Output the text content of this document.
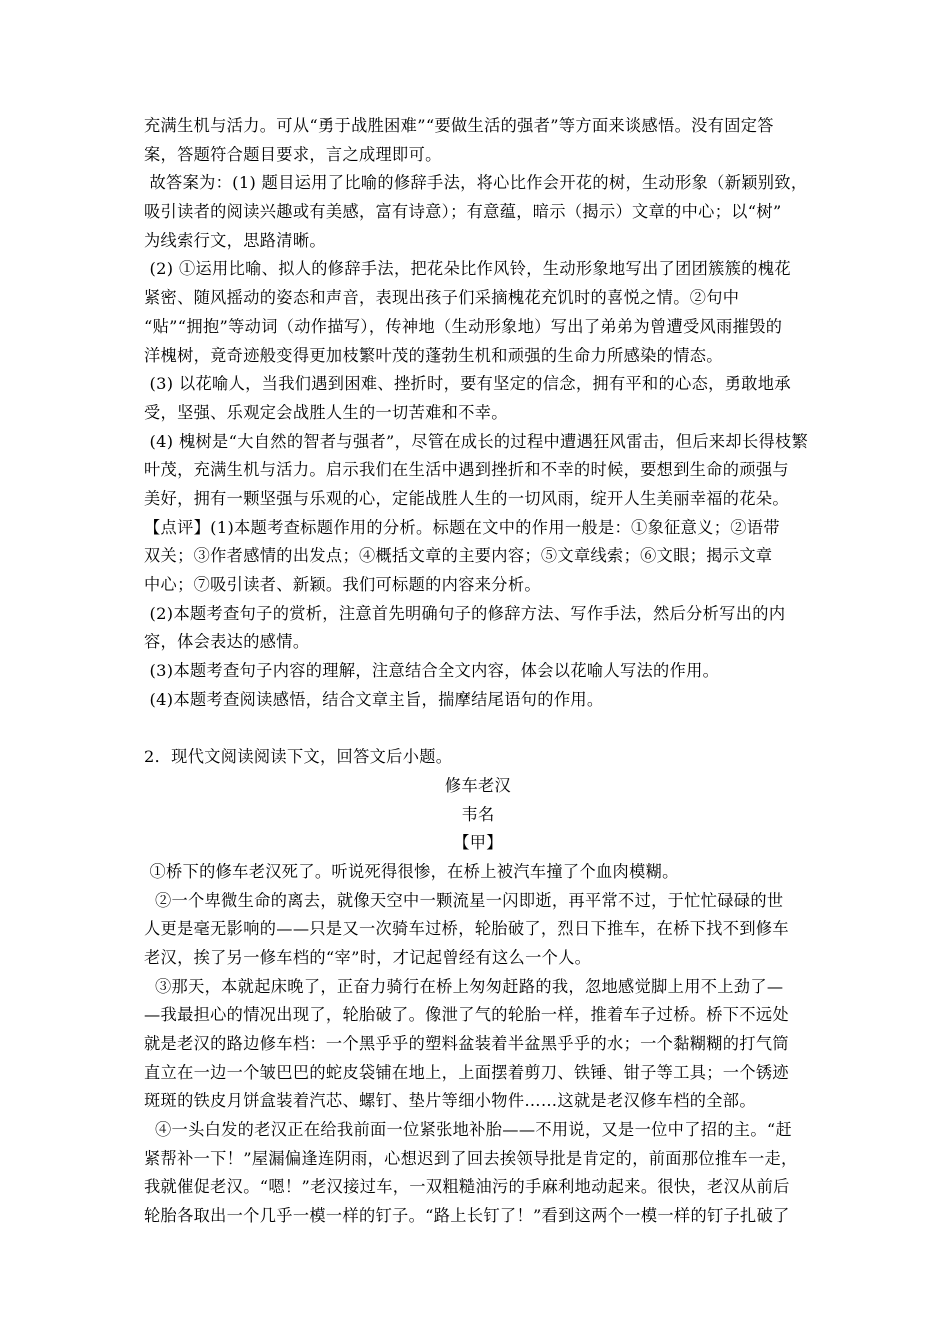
充满生机与活力。可从“勇于战胜困难”“要做生活的强者”等方面来谈感悟。没有固定答
案，答题符合题目要求，言之成理即可。
故答案为：(1) 题目运用了比喻的修辞手法，将心比作会开花的树，生动形象（新颖别致，
吸引读者的阅读兴趣或有美感，富有诗意）；有意蕴，暗示（揭示）文章的中心；以“树”
为线索行文，思路清晰。
(2) ①运用比喻、拟人的修辞手法，把花朵比作风铃，生动形象地写出了团团簇簇的槐花
紧密、随风摇动的姿态和声音，表现出孩子们采摘槐花充饥时的喜悦之情。②句中
“贴”“拥抱”等动词（动作描写），传神地（生动形象地）写出了弟弟为曾遭受风雨摧毁的
洋槐树，竟奇迹般变得更加枝繁叶茂的蓬勃生机和顽强的生命力所感染的情态。
(3) 以花喻人，当我们遇到困难、挫折时，要有坚定的信念，拥有平和的心态，勇敢地承
受，坚强、乐观定会战胜人生的一切苦难和不幸。
(4) 槐树是“大自然的智者与强者”，尽管在成长的过程中遭遇狂风雷击，但后来却长得枝繁
叶茂，充满生机与活力。启示我们在生活中遇到挫折和不幸的时候，要想到生命的顽强与
美好，拥有一颗坚强与乐观的心，定能战胜人生的一切风雨，绽开人生美丽幸福的花朵。
【点评】(1)本题考查标题作用的分析。标题在文中的作用一般是：①象征意义；②语带
双关；③作者感情的出发点；④概括文章的主要内容；⑤文章线索；⑥文眼；揭示文章
中心；⑦吸引读者、新颖。我们可标题的内容来分析。
(2)本题考查句子的赏析，注意首先明确句子的修辞方法、写作手法，然后分析写出的内
容，体会表达的感情。
(3)本题考查句子内容的理解，注意结合全文内容，体会以花喻人写法的作用。
(4)本题考查阅读感悟，结合文章主旨，揣摩结尾语句的作用。
2．现代文阅读阅读下文，回答文后小题。
修车老汉
韦名
【甲】
①桥下的修车老汉死了。听说死得很惨，在桥上被汽车撞了个血肉模糊。
②一个卑微生命的离去，就像天空中一颗流星一闪即逝，再平常不过，于忙忙碌碌的世
人更是毫无影响的——只是又一次骑车过桥，轮胎破了，烈日下推车，在桥下找不到修车
老汉，挨了另一修车档的“宰”时，才记起曾经有这么一个人。
③那天，本就起床晚了，正奋力骑行在桥上匆匆赶路的我，忽地感觉脚上用不上劲了—
—我最担心的情况出现了，轮胎破了。像泄了气的轮胎一样，推着车子过桥。桥下不远处
就是老汉的路边修车档：一个黑乎乎的塑料盆装着半盆黑乎乎的水；一个黏糊糊的打气筒
直立在一边一个皱巴巴的蛇皮袋铺在地上，上面摆着剪刀、铁锤、钳子等工具；一个锈迹
斑斑的铁皮月饼盒装着汽芯、螺钉、垫片等细小物件……这就是老汉修车档的全部。
④一头白发的老汉正在给我前面一位紧张地补胎——不用说，又是一位中了招的主。“赶
紧帮补一下！”屋漏偏逢连阴雨，心想迟到了回去挨领导批是肯定的，前面那位推车一走，
我就催促老汉。“嗯！”老汉接过车，一双粗糙油污的手麻利地动起来。很快，老汉从前后
轮胎各取出一个几乎一模一样的钉子。“路上长钉了！”看到这两个一模一样的钉子扎破了
